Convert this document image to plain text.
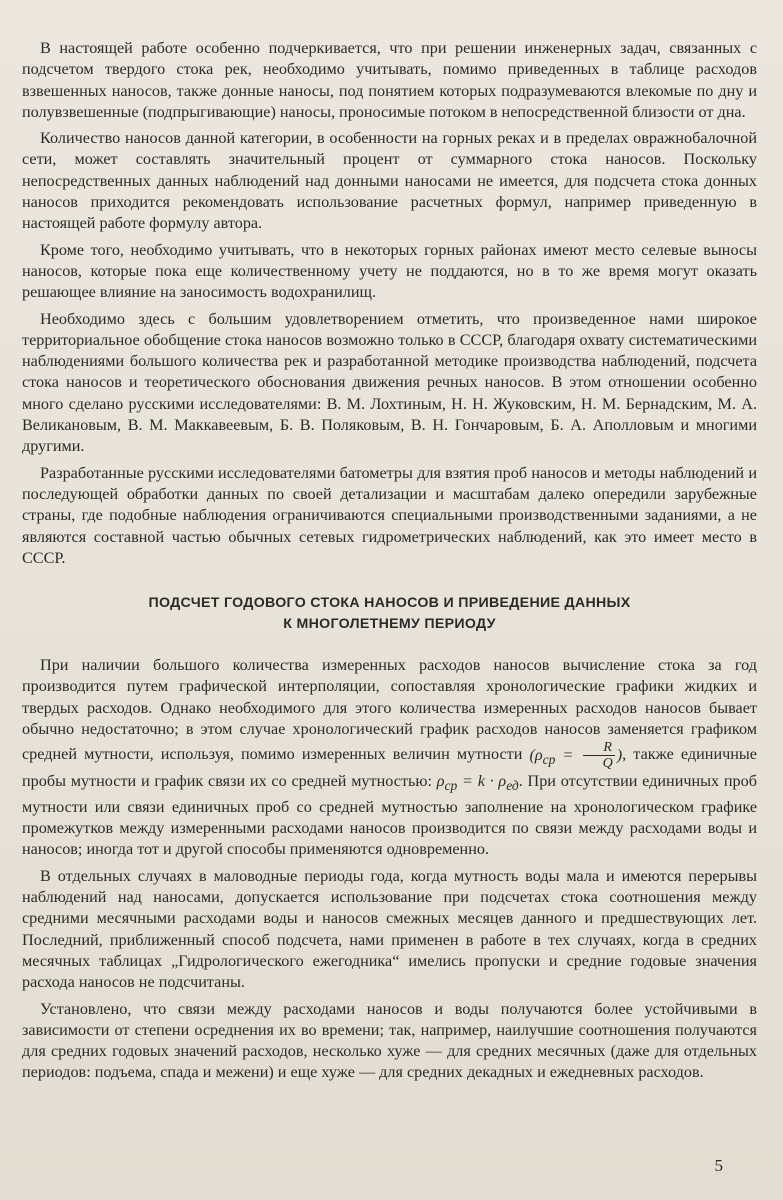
В настоящей работе особенно подчеркивается, что при решении инженерных задач, связанных с подсчетом твердого стока рек, необходимо учитывать, помимо приведенных в таблице расходов взвешенных наносов, также донные наносы, под понятием которых подразумеваются влекомые по дну и полувзвешенные (подпрыгивающие) наносы, проносимые потоком в непосредственной близости от дна.

Количество наносов данной категории, в особенности на горных реках и в пределах овражнобалочной сети, может составлять значительный процент от суммарного стока наносов. Поскольку непосредственных данных наблюдений над донными наносами не имеется, для подсчета стока донных наносов приходится рекомендовать использование расчетных формул, например приведенную в настоящей работе формулу автора.

Кроме того, необходимо учитывать, что в некоторых горных районах имеют место селевые выносы наносов, которые пока еще количественному учету не поддаются, но в то же время могут оказать решающее влияние на заносимость водохранилищ.

Необходимо здесь с большим удовлетворением отметить, что произведенное нами широкое территориальное обобщение стока наносов возможно только в СССР, благодаря охвату систематическими наблюдениями большого количества рек и разработанной методике производства наблюдений, подсчета стока наносов и теоретического обоснования движения речных наносов. В этом отношении особенно много сделано русскими исследователями: В. М. Лохтиным, Н. Н. Жуковским, Н. М. Бернадским, М. А. Великановым, В. М. Маккавеевым, Б. В. Поляковым, В. Н. Гончаровым, Б. А. Аполловым и многими другими.

Разработанные русскими исследователями батометры для взятия проб наносов и методы наблюдений и последующей обработки данных по своей детализации и масштабам далеко опередили зарубежные страны, где подобные наблюдения ограничиваются специальными производственными заданиями, а не являются составной частью обычных сетевых гидрометрических наблюдений, как это имеет место в СССР.

ПОДСЧЕТ ГОДОВОГО СТОКА НАНОСОВ И ПРИВЕДЕНИЕ ДАННЫХ
К МНОГОЛЕТНЕМУ ПЕРИОДУ

При наличии большого количества измеренных расходов наносов вычисление стока за год производится путем графической интерполяции, сопоставляя хронологические графики жидких и твердых расходов. Однако необходимого для этого количества измеренных расходов наносов бывает обычно недостаточно; в этом случае хронологический график расходов наносов заменяется графиком средней мутности, используя, помимо измеренных величин мутности ($\rho_{ср} = \frac{R}{Q}$ ), также единичные пробы мутности и график связи их со средней мутностью: $\rho_{ср} = k \cdot \rho_{ед}$. При отсутствии единичных проб мутности или связи единичных проб со средней мутностью заполнение на хронологическом графике промежутков между измеренными расходами наносов производится по связи между расходами воды и наносов; иногда тот и другой способы применяются одновременно.

В отдельных случаях в маловодные периоды года, когда мутность воды мала и имеются перерывы наблюдений над наносами, допускается использование при подсчетах стока соотношения между средними месячными расходами воды и наносов смежных месяцев данного и предшествующих лет. Последний, приближенный способ подсчета, нами применен в работе в тех случаях, когда в средних месячных таблицах „Гидрологического ежегодника“ имелись пропуски и средние годовые значения расхода наносов не подсчитаны.

Установлено, что связи между расходами наносов и воды получаются более устойчивыми в зависимости от степени осреднения их во времени; так, например, наилучшие соотношения получаются для средних годовых значений расходов, несколько хуже — для средних месячных (даже для отдельных периодов: подъема, спада и межени) и еще хуже — для средних декадных и ежедневных расходов.

5
